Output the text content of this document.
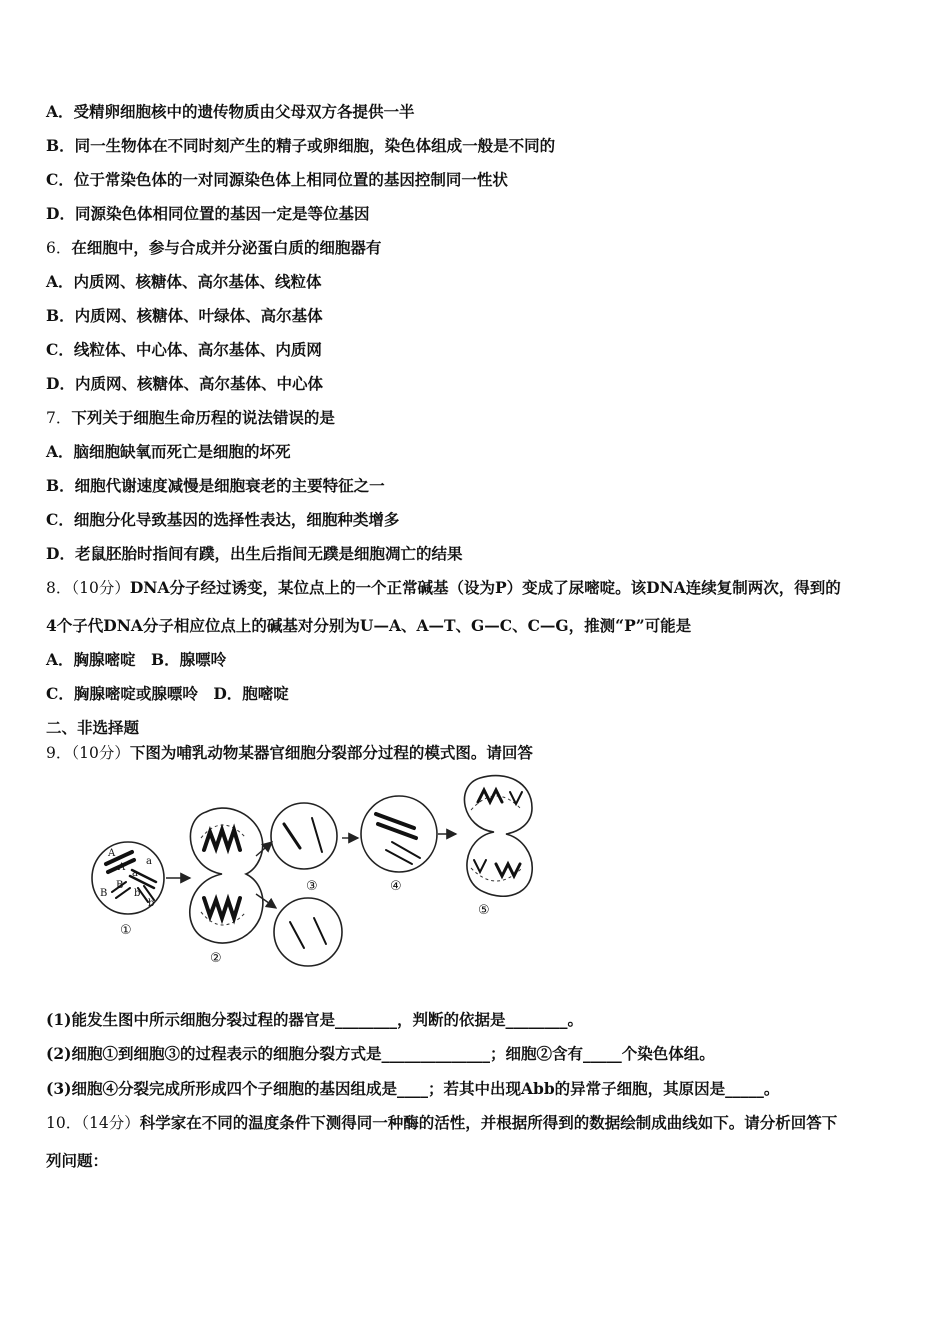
A．受精卵细胞核中的遗传物质由父母双方各提供一半
B．同一生物体在不同时刻产生的精子或卵细胞，染色体组成一般是不同的
C．位于常染色体的一对同源染色体上相同位置的基因控制同一性状
D．同源染色体相同位置的基因一定是等位基因
6．在细胞中，参与合成并分泌蛋白质的细胞器有
A．内质网、核糖体、高尔基体、线粒体
B．内质网、核糖体、叶绿体、高尔基体
C．线粒体、中心体、高尔基体、内质网
D．内质网、核糖体、高尔基体、中心体
7．下列关于细胞生命历程的说法错误的是
A．脑细胞缺氧而死亡是细胞的坏死
B．细胞代谢速度减慢是细胞衰老的主要特征之一
C．细胞分化导致基因的选择性表达，细胞种类增多
D．老鼠胚胎时指间有蹼，出生后指间无蹼是细胞凋亡的结果
8．（10分）DNA分子经过诱变，某位点上的一个正常碱基（设为P）变成了尿嘧啶。该DNA连续复制两次，得到的
4个子代DNA分子相应位点上的碱基对分别为U—A、A—T、G—C、C—G，推测“P”可能是
A．胸腺嘧啶　B．腺嘌呤
C．胸腺嘧啶或腺嘌呤　D．胞嘧啶
二、非选择题
9．（10分）下图为哺乳动物某器官细胞分裂部分过程的模式图。请回答
A
A
a
a
B
B
b
b
①
②
③	④
⑤
(1)能发生图中所示细胞分裂过程的器官是________，判断的依据是________。
(2)细胞①到细胞③的过程表示的细胞分裂方式是______________；细胞②含有_____个染色体组。
(3)细胞④分裂完成所形成四个子细胞的基因组成是____；若其中出现Abb的异常子细胞，其原因是_____。
10．（14分）科学家在不同的温度条件下测得同一种酶的活性，并根据所得到的数据绘制成曲线如下。请分析回答下
列问题：
